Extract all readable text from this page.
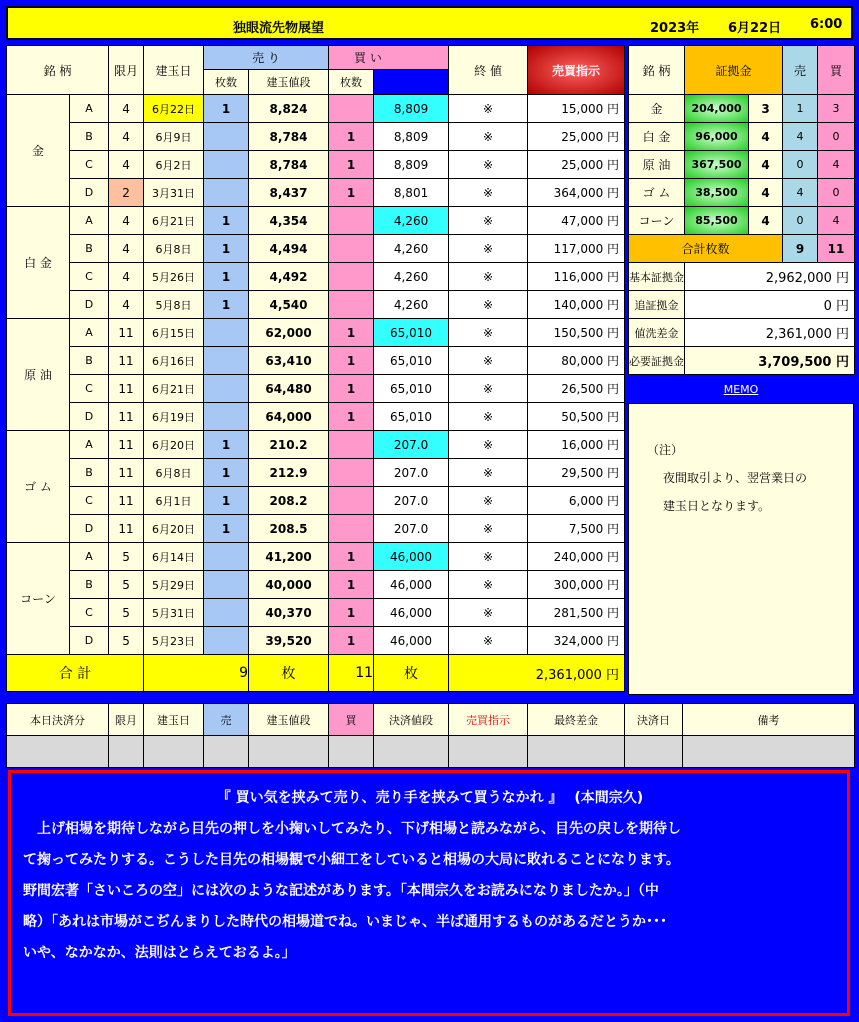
独眼流先物展望	2023年 6月22日 6:00
銘 柄		限月	建玉日	売 り		買 い		終 値	売買指示	
				枚数	建玉値段	枚数				
金	A	4	6月22日	1	8,824		8,809	※	15,000 円	
	B	4	6月9日		8,784	1	8,809	※	25,000 円	
	C	4	6月2日		8,784	1	8,809	※	25,000 円	
	D	2	3月31日		8,437	1	8,801	※	364,000 円	
白 金	A	4	6月21日	1	4,354		4,260	※	47,000 円	
	B	4	6月8日	1	4,494		4,260	※	117,000 円	
	C	4	5月26日	1	4,492		4,260	※	116,000 円	
	D	4	5月8日	1	4,540		4,260	※	140,000 円	
原 油	A	11	6月15日		62,000	1	65,010	※	150,500 円	
	B	11	6月16日		63,410	1	65,010	※	80,000 円	
	C	11	6月21日		64,480	1	65,010	※	26,500 円	
	D	11	6月19日		64,000	1	65,010	※	50,500 円	
ゴ ム	A	11	6月20日	1	210.2		207.0	※	16,000 円	
	B	11	6月8日	1	212.9		207.0	※	29,500 円	
	C	11	6月1日	1	208.2		207.0	※	6,000 円	
	D	11	6月20日	1	208.5		207.0	※	7,500 円	
コーン	A	5	6月14日		41,200	1	46,000	※	240,000 円	
	B	5	5月29日		40,000	1	46,000	※	300,000 円	
	C	5	5月31日		40,370	1	46,000	※	281,500 円	
	D	5	5月23日		39,520	1	46,000	※	324,000 円	
合 計			9		枚	11	枚	2,361,000 円		
銘 柄	証拠金		売	買
金	204,000	3	1	3
白 金	96,000	4	4	0
原 油	367,500	4	0	4
ゴ ム	38,500	4	4	0
コーン	85,500	4	0	4
合計枚数			9	11
基本証拠金	2,962,000 円			
追証拠金	0 円			
値洗差金	2,361,000 円			
必要証拠金	3,709,500 円			
MEMO
（注）
夜間取引より、翌営業日の
建玉日となります。
本日決済分	限月	建玉日	売	建玉値段	買	決済値段	売買指示	最終差金	決済日	備考

『 買い気を挟みて売り、売り手を挟みて買うなかれ 』　 (本間宗久)
　上げ相場を期待しながら目先の押しを小掬いしてみたり、下げ相場と読みながら、目先の戻しを期待し
て掬ってみたりする。こうした目先の相場観で小細工をしていると相場の大局に敗れることになります。
野間宏著「さいころの空」には次のような記述があります。「本間宗久をお読みになりましたか。」（中
略）「あれは市場がこぢんまりした時代の相場道でね。いまじゃ、半ば通用するものがあるだとうか･･･
いや、なかなか、法則はとらえておるよ。」
